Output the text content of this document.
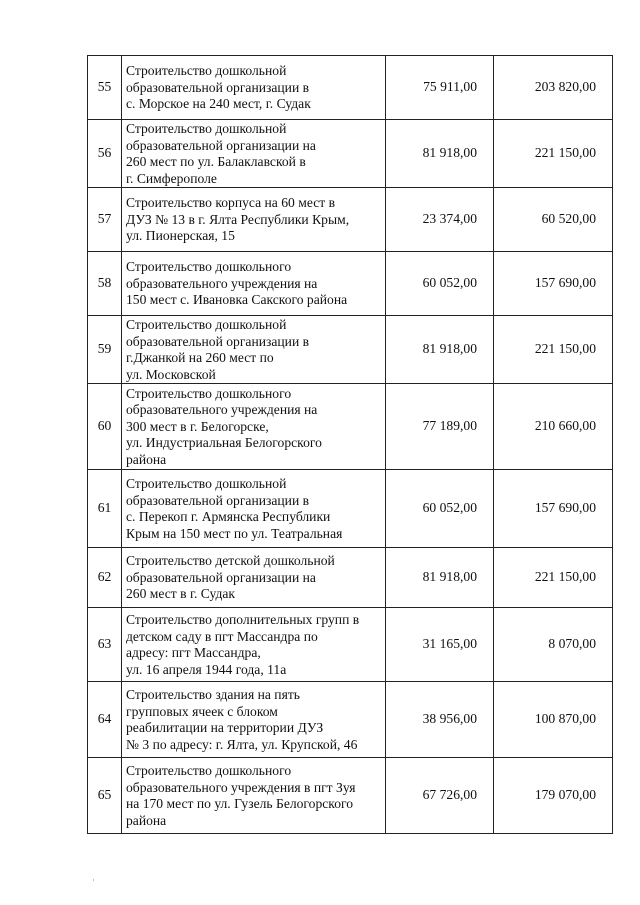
55	Строительство дошкольной
образовательной организации в
с. Морское на 240 мест, г. Судак	75 911,00	203 820,00
56	Строительство дошкольной
образовательной организации на
260 мест по ул. Балаклавской в
г. Симферополе	81 918,00	221 150,00
57	Строительство корпуса на 60 мест в
ДУЗ № 13 в г. Ялта Республики Крым,
ул. Пионерская, 15	23 374,00	60 520,00
58	Строительство дошкольного
образовательного учреждения на
150 мест с. Ивановка Сакского района	60 052,00	157 690,00
59	Строительство дошкольной
образовательной организации в
г.Джанкой на 260 мест по
ул. Московской	81 918,00	221 150,00
60	Строительство дошкольного
образовательного учреждения на
300 мест в г. Белогорске,
ул. Индустриальная Белогорского
района	77 189,00	210 660,00
61	Строительство дошкольной
образовательной организации в
с. Перекоп г. Армянска Республики
Крым на 150 мест по ул. Театральная	60 052,00	157 690,00
62	Строительство детской дошкольной
образовательной организации на
260 мест в г. Судак	81 918,00	221 150,00
63	Строительство дополнительных групп в
детском саду в пгт Массандра по
адресу: пгт Массандра,
ул. 16 апреля 1944 года, 11а	31 165,00	8 070,00
64	Строительство здания на пять
групповых ячеек с блоком
реабилитации на территории ДУЗ
№ 3 по адресу: г. Ялта, ул. Крупской, 46	38 956,00	100 870,00
65	Строительство дошкольного
образовательного учреждения в пгт Зуя
на 170 мест по ул. Гузель Белогорского
района	67 726,00	179 070,00
